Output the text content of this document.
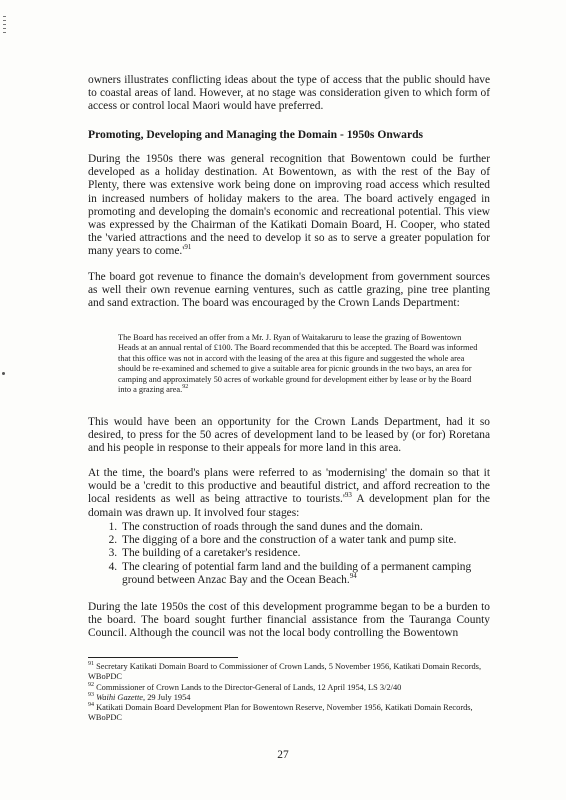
owners illustrates conflicting ideas about the type of access that the public should have to coastal areas of land. However, at no stage was consideration given to which form of access or control local Maori would have preferred.

Promoting, Developing and Managing the Domain - 1950s Onwards

During the 1950s there was general recognition that Bowentown could be further developed as a holiday destination. At Bowentown, as with the rest of the Bay of Plenty, there was extensive work being done on improving road access which resulted in increased numbers of holiday makers to the area. The board actively engaged in promoting and developing the domain's economic and recreational potential. This view was expressed by the Chairman of the Katikati Domain Board, H. Cooper, who stated the 'varied attractions and the need to develop it so as to serve a greater population for many years to $come.'^{91}$

The board got revenue to finance the domain's development from government sources as well their own revenue earning ventures, such as cattle grazing, pine tree planting and sand extraction. The board was encouraged by the Crown Lands Department:

The Board has received an offer from a Mr. J. Ryan of Waitakaruru to lease the grazing of Bowentown Heads at an annual rental of £100. The Board recommended that this be accepted. The Board was informed that this office was not in accord with the leasing of the area at this figure and suggested the whole area should be re-examined and schemed to give a suitable area for picnic grounds in the two bays, an area for camping and approximately 50 acres of workable ground for development either by lease or by the Board into a grazing area.$^{92}$

This would have been an opportunity for the Crown Lands Department, had it so desired, to press for the 50 acres of development land to be leased by (or for) Roretana and his people in response to their appeals for more land in this area.

At the time, the board's plans were referred to as 'modernising' the domain so that it would be a 'credit to this productive and beautiful district, and afford recreation to the local residents as well as being attractive to $tourists.'^{93}$ A development plan for the domain was drawn up. It involved four stages:

1. The construction of roads through the sand dunes and the domain.
2. The digging of a bore and the construction of a water tank and pump site.
3. The building of a caretaker's residence.
4. The clearing of potential farm land and the building of a permanent camping ground between Anzac Bay and the Ocean Beach.$^{94}$

During the late 1950s the cost of this development programme began to be a burden to the board. The board sought further financial assistance from the Tauranga County Council. Although the council was not the local body controlling the Bowentown

$^{91}$ Secretary Katikati Domain Board to Commissioner of Crown Lands, 5 November 1956, Katikati Domain Records, WBoPDC

$^{92}$ Commissioner of Crown Lands to the Director-General of Lands, 12 April 1954, LS 3/2/40

$^{93}$ Waihi Gazette, 29 July 1954

$^{94}$ Katikati Domain Board Development Plan for Bowentown Reserve, November 1956, Katikati Domain Records, WBoPDC

27
